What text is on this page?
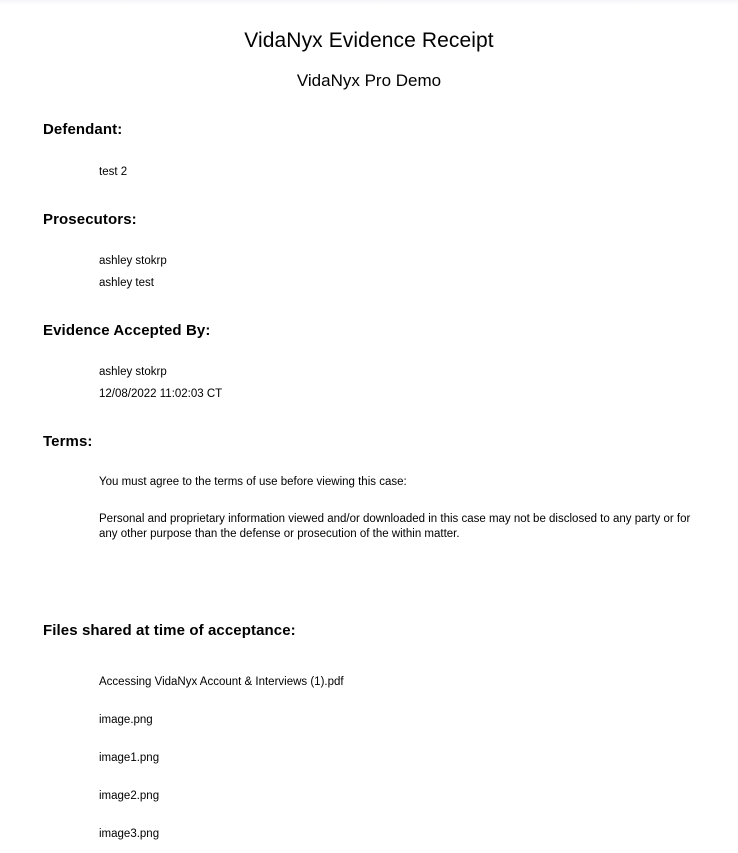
VidaNyx Evidence Receipt
VidaNyx Pro Demo
Defendant:

test 2

Prosecutors:

ashley stokrp

ashley test

Evidence Accepted By:

ashley stokrp

12/08/2022 11:02:03 CT

Terms:

You must agree to the terms of use before viewing this case:

Personal and proprietary information viewed and/or downloaded in this case may not be disclosed to any party or for any other purpose than the defense or prosecution of the within matter.

Files shared at time of acceptance:

Accessing VidaNyx Account & Interviews (1).pdf

image.png

image1.png

image2.png

image3.png
